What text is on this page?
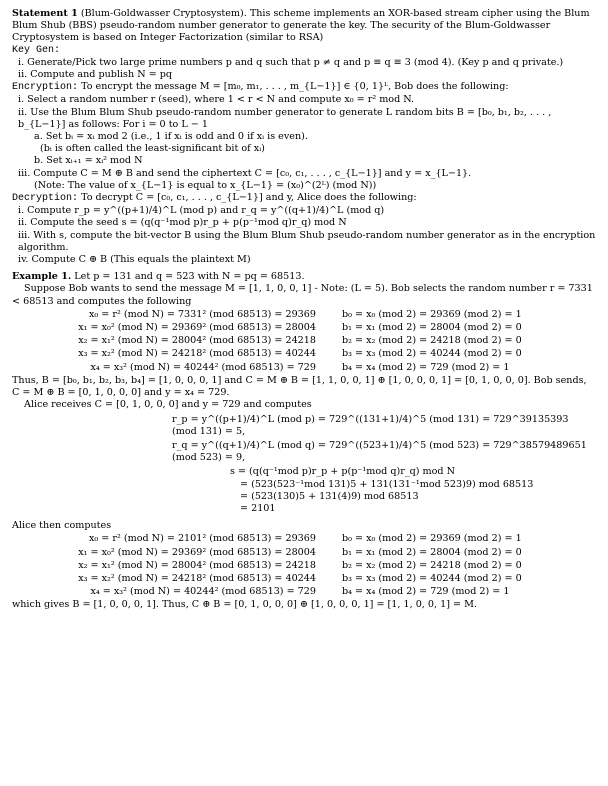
Statement 1 (Blum-Goldwasser Cryptosystem). This scheme implements an XOR-based stream cipher using the Blum Blum Shub (BBS) pseudo-random number generator to generate the key. The security of the Blum-Goldwasser Cryptosystem is based on Integer Factorization (similar to RSA)

Key Gen:

i. Generate/Pick two large prime numbers p and q such that p ≠ q and p ≡ q ≡ 3 (mod 4). (Key p and q private.)

ii. Compute and publish N = pq

Encryption: To encrypt the message M = [m₀, m₁, . . . , m_{L−1}] ∈ {0, 1}ᴸ, Bob does the following:

i. Select a random number r (seed), where 1 < r < N and compute x₀ = r² mod N.

ii. Use the Blum Blum Shub pseudo-random number generator to generate L random bits B = [b₀, b₁, b₂, . . . , b_{L−1}] as follows: For i = 0 to L − 1

a. Set bᵢ = xᵢ mod 2 (i.e., 1 if xᵢ is odd and 0 if xᵢ is even).

(bᵢ is often called the least-significant bit of xᵢ)

b. Set xᵢ₊₁ = xᵢ² mod N

iii. Compute C = M ⊕ B and send the ciphertext C = [c₀, c₁, . . . , c_{L−1}] and y = x_{L−1}.

(Note: The value of x_{L−1} is equal to x_{L−1} = (x₀)^(2ᴸ) (mod N))

Decryption: To decrypt C = [c₀, c₁, . . . , c_{L−1}] and y, Alice does the following:

i. Compute r_p = y^((p+1)/4)^L (mod p) and r_q = y^((q+1)/4)^L (mod q)

ii. Compute the seed s = (q(q⁻¹mod p)r_p + p(p⁻¹mod q)r_q) mod N

iii. With s, compute the bit-vector B using the Blum Blum Shub pseudo-random number generator as in the encryption algorithm.

iv. Compute C ⊕ B (This equals the plaintext M)

Example 1. Let p = 131 and q = 523 with N = pq = 68513.

Suppose Bob wants to send the message M = [1, 1, 0, 0, 1] - Note: (L = 5). Bob selects the random number r = 7331 < 68513 and computes the following

x₀ = r² (mod N) = 7331² (mod 68513) = 29369	b₀ = x₀ (mod 2) = 29369 (mod 2) = 1
x₁ = x₀² (mod N) = 29369² (mod 68513) = 28004	b₁ = x₁ (mod 2) = 28004 (mod 2) = 0
x₂ = x₁² (mod N) = 28004² (mod 68513) = 24218	b₂ = x₂ (mod 2) = 24218 (mod 2) = 0
x₃ = x₂² (mod N) = 24218² (mod 68513) = 40244	b₃ = x₃ (mod 2) = 40244 (mod 2) = 0
x₄ = x₃² (mod N) = 40244² (mod 68513) = 729	b₄ = x₄ (mod 2) = 729 (mod 2) = 1

Thus, B = [b₀, b₁, b₂, b₃, b₄] = [1, 0, 0, 0, 1] and C = M ⊕ B = [1, 1, 0, 0, 1] ⊕ [1, 0, 0, 0, 1] = [0, 1, 0, 0, 0]. Bob sends, C = M ⊕ B = [0, 1, 0, 0, 0] and y = x₄ = 729.

Alice receives C = [0, 1, 0, 0, 0] and y = 729 and computes

r_p = y^((p+1)/4)^L (mod p) = 729^((131+1)/4)^5 (mod 131) = 729^39135393 (mod 131) = 5,

r_q = y^((q+1)/4)^L (mod q) = 729^((523+1)/4)^5 (mod 523) = 729^38579489651 (mod 523) = 9,

s = (q(q⁻¹mod p)r_p + p(p⁻¹mod q)r_q) mod N

= (523(523⁻¹mod 131)5 + 131(131⁻¹mod 523)9) mod 68513

= (523(130)5 + 131(4)9) mod 68513

= 2101

Alice then computes

x₀ = r² (mod N) = 2101² (mod 68513) = 29369	b₀ = x₀ (mod 2) = 29369 (mod 2) = 1
x₁ = x₀² (mod N) = 29369² (mod 68513) = 28004	b₁ = x₁ (mod 2) = 28004 (mod 2) = 0
x₂ = x₁² (mod N) = 28004² (mod 68513) = 24218	b₂ = x₂ (mod 2) = 24218 (mod 2) = 0
x₃ = x₂² (mod N) = 24218² (mod 68513) = 40244	b₃ = x₃ (mod 2) = 40244 (mod 2) = 0
x₄ = x₃² (mod N) = 40244² (mod 68513) = 729	b₄ = x₄ (mod 2) = 729 (mod 2) = 1

which gives B = [1, 0, 0, 0, 1]. Thus, C ⊕ B = [0, 1, 0, 0, 0] ⊕ [1, 0, 0, 0, 1] = [1, 1, 0, 0, 1] = M.
